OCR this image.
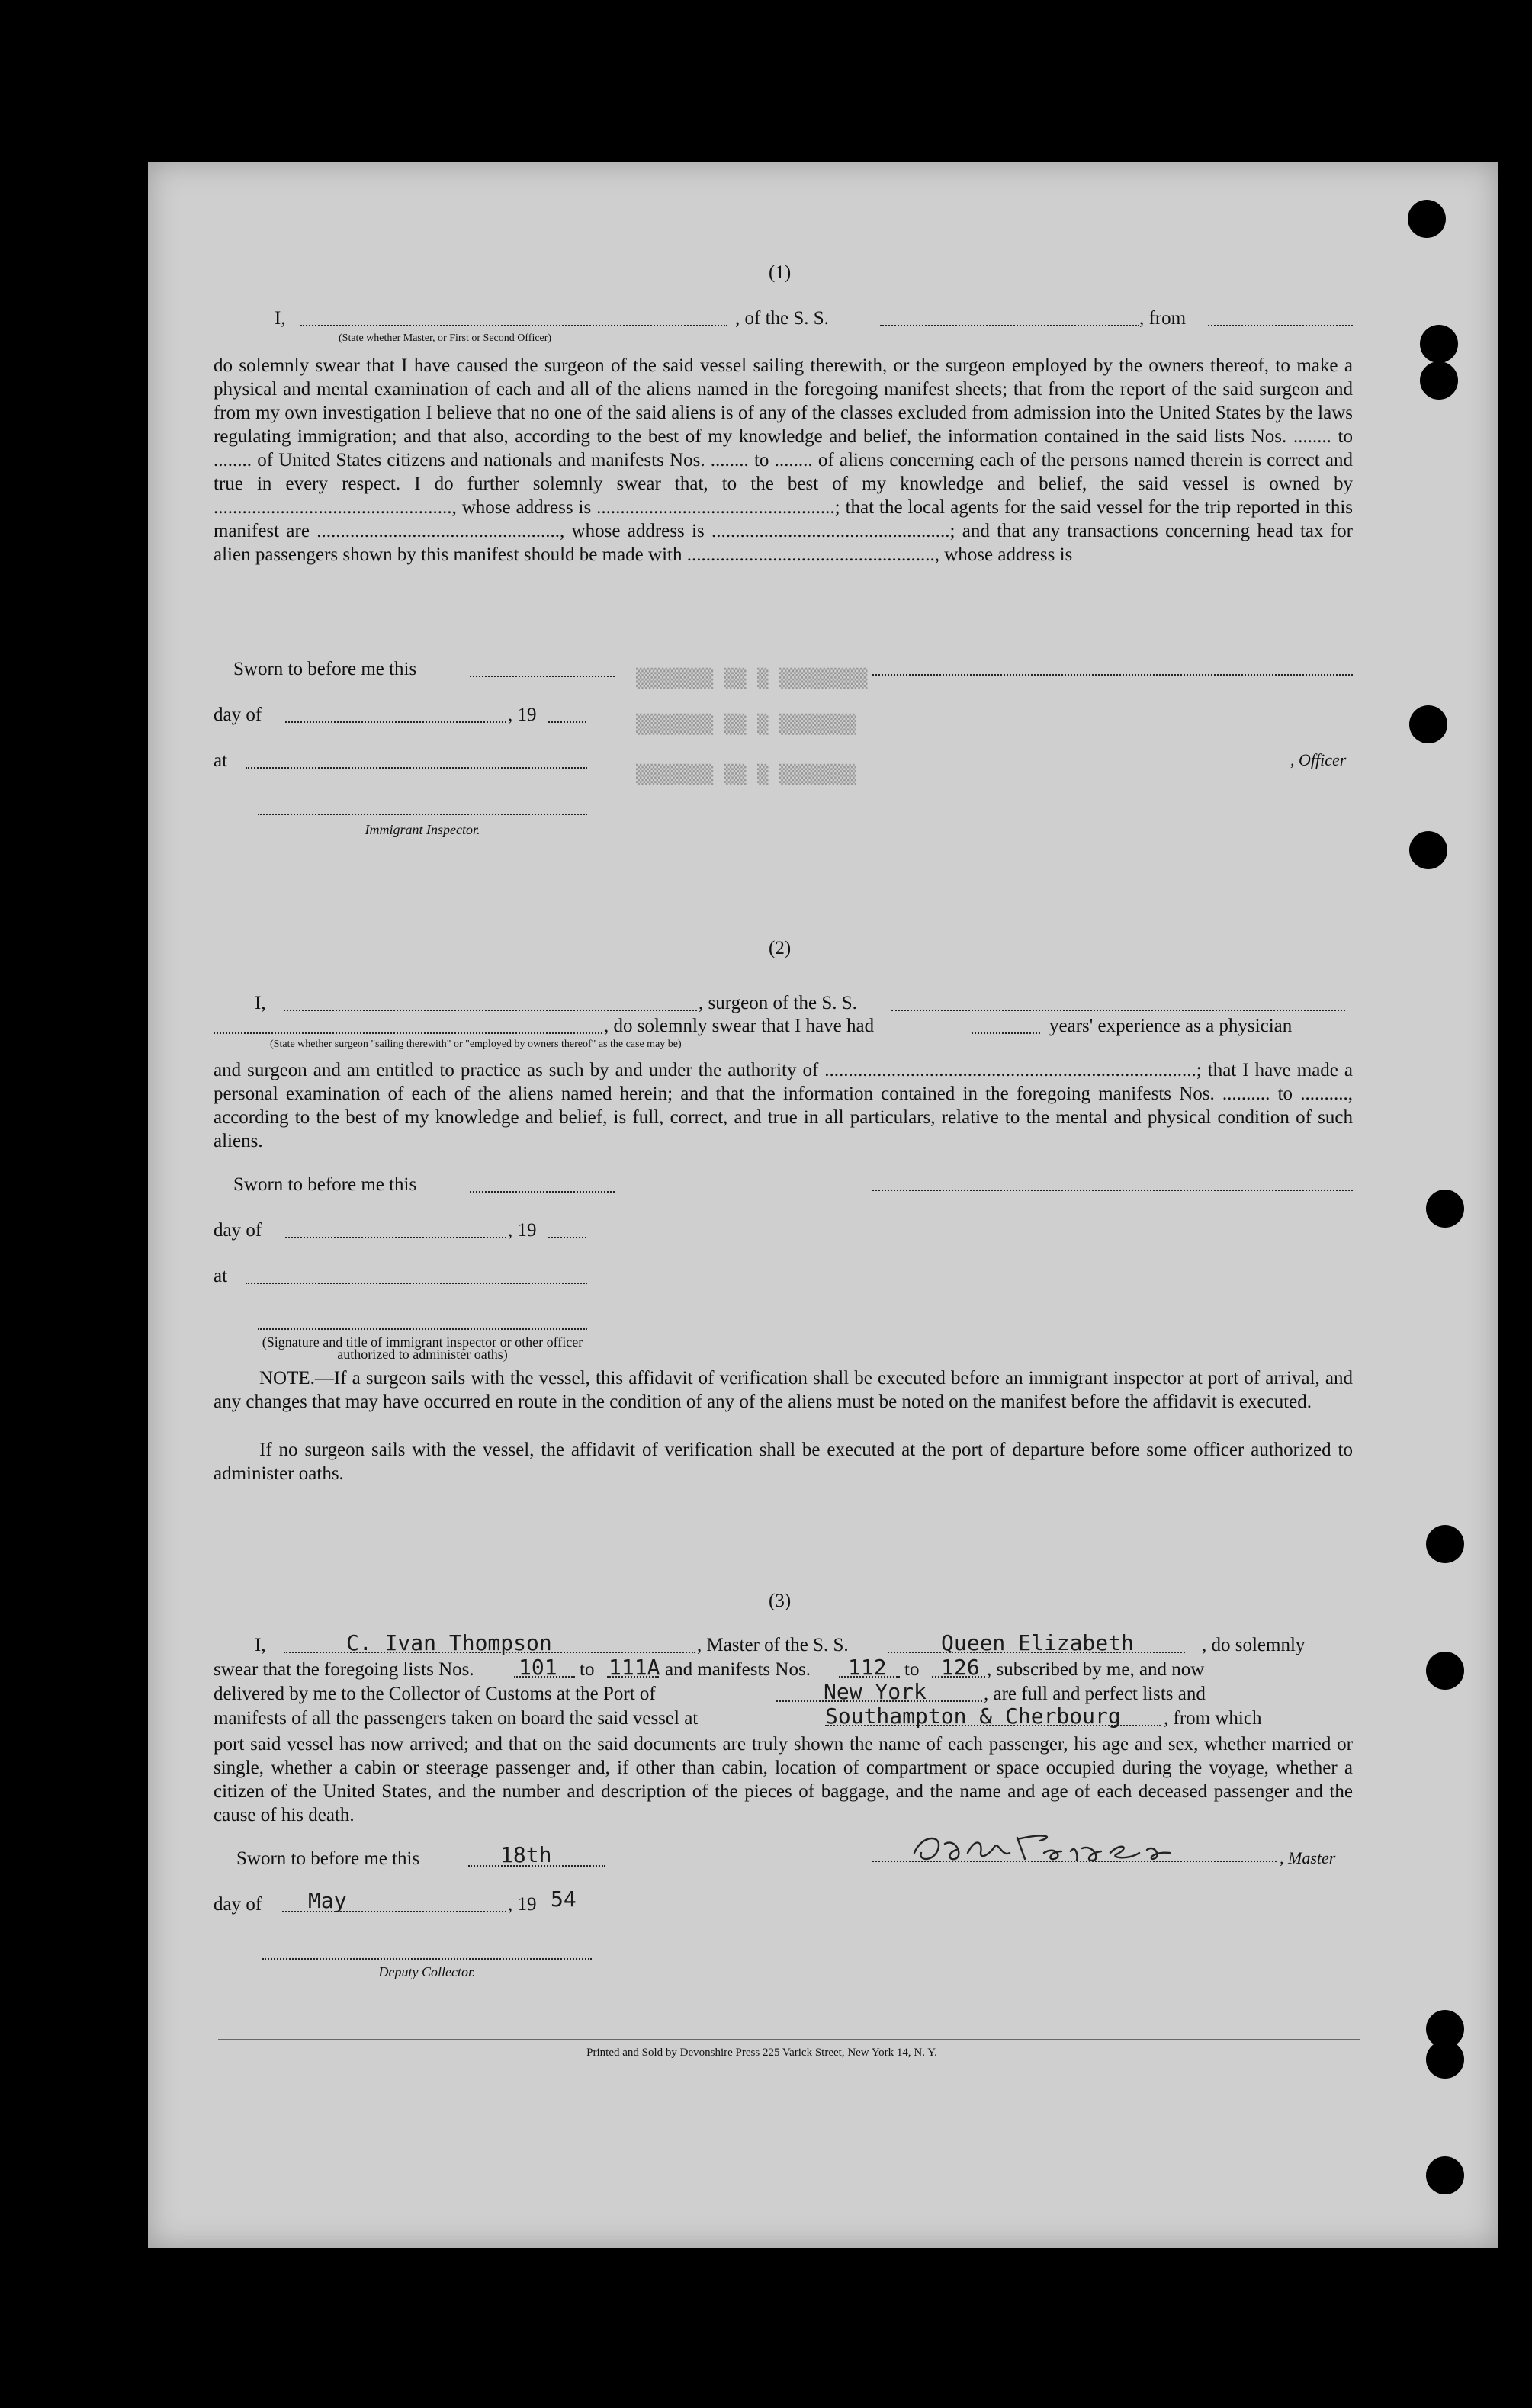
(1)
I,	, of the S. S.	, from
(State whether Master, or First or Second Officer)
do solemnly swear that I have caused the surgeon of the said vessel sailing therewith, or the surgeon employed by the owners thereof, to make a physical and mental examination of each and all of the aliens named in the foregoing manifest sheets; that from the report of the said surgeon and from my own investigation I believe that no one of the said aliens is of any of the classes excluded from admission into the United States by the laws regulating immigration; and that also, according to the best of my knowledge and belief, the information contained in the said lists Nos. ........ to ........ of United States citizens and nationals and manifests Nos. ........ to ........ of aliens concerning each of the persons named therein is correct and true in every respect. I do further solemnly swear that, to the best of my knowledge and belief, the said vessel is owned by .................................................., whose address is ..................................................; that the local agents for the said vessel for the trip reported in this manifest are ..................................................., whose address is ..................................................; and that any transactions concerning head tax for alien passengers shown by this manifest should be made with ...................................................., whose address is
Sworn to before me this
day of	, 19
at	, Officer
Immigrant Inspector.
▒▒▒▒▒▒▒ ▒▒ ▒ ▒▒▒▒▒▒▒▒
▒▒▒▒▒▒▒ ▒▒ ▒ ▒▒▒▒▒▒▒
▒▒▒▒▒▒▒ ▒▒ ▒ ▒▒▒▒▒▒▒
(2)
I,	, surgeon of the S. S.
, do solemnly swear that I have had	years' experience as a physician
(State whether surgeon "sailing therewith" or "employed by owners thereof" as the case may be)
and surgeon and am entitled to practice as such by and under the authority of ..............................................................................; that I have made a personal examination of each of the aliens named herein; and that the information contained in the foregoing manifests Nos. .......... to .........., according to the best of my knowledge and belief, is full, correct, and true in all particulars, relative to the mental and physical condition of such aliens.
Sworn to before me this
day of	, 19
at
(Signature and title of immigrant inspector or other officer authorized to administer oaths)
NOTE.—If a surgeon sails with the vessel, this affidavit of verification shall be executed before an immigrant inspector at port of arrival, and any changes that may have occurred en route in the condition of any of the aliens must be noted on the manifest before the affidavit is executed.
If no surgeon sails with the vessel, the affidavit of verification shall be executed at the port of departure before some officer authorized to administer oaths.
(3)
I,	C. Ivan Thompson	, Master of the S. S.	Queen Elizabeth	, do solemnly
swear that the foregoing lists Nos. 101 to 111A and manifests Nos. 112 to 126 , subscribed by me, and now
delivered by me to the Collector of Customs at the Port of	New York	, are full and perfect lists and
manifests of all the passengers taken on board the said vessel at	Southampton & Cherbourg , from which
port said vessel has now arrived; and that on the said documents are truly shown the name of each passenger, his age and sex, whether married or single, whether a cabin or steerage passenger and, if other than cabin, location of compartment or space occupied during the voyage, whether a citizen of the United States, and the number and description of the pieces of baggage, and the name and age of each deceased passenger and the cause of his death.
Sworn to before me this	18th	, Master
day of May	, 19 54
Deputy Collector.
Printed and Sold by Devonshire Press 225 Varick Street, New York 14, N. Y.
